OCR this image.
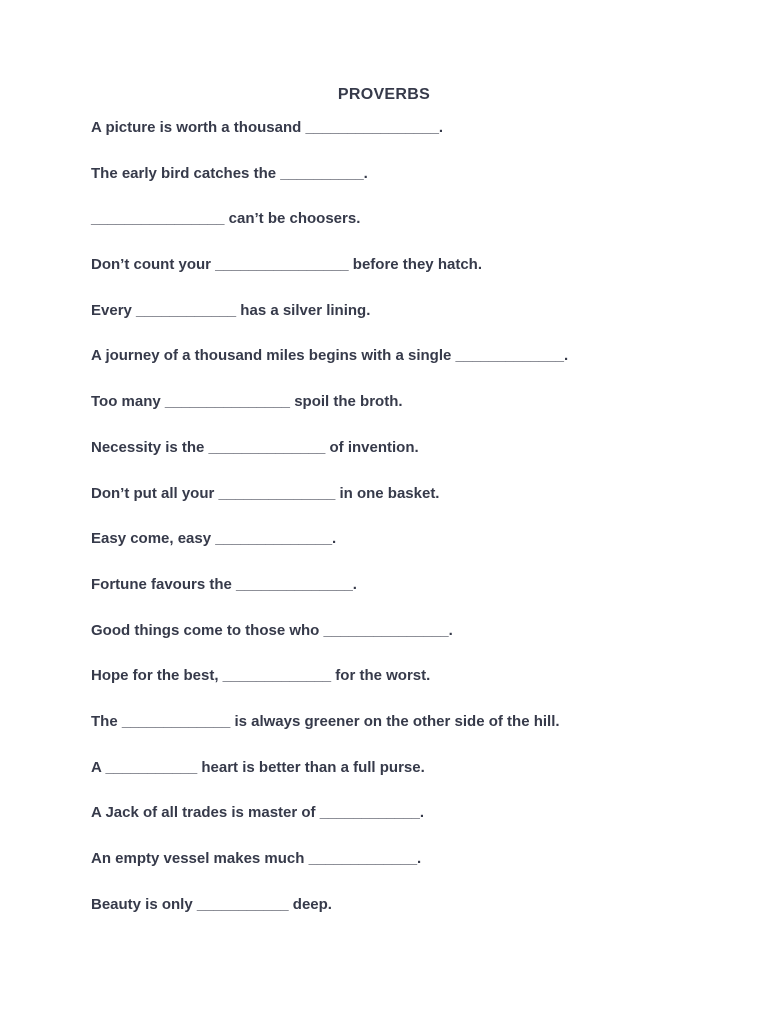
PROVERBS
A picture is worth a thousand ________________.
The early bird catches the __________.
________________ can’t be choosers.
Don’t count your ________________ before they hatch.
Every ____________ has a silver lining.
A journey of a thousand miles begins with a single _____________.
Too many _______________ spoil the broth.
Necessity is the ______________ of invention.
Don’t put all your ______________ in one basket.
Easy come, easy ______________.
Fortune favours the ______________.
Good things come to those who _______________.
Hope for the best, _____________ for the worst.
The _____________ is always greener on the other side of the hill.
A ___________ heart is better than a full purse.
A Jack of all trades is master of ____________.
An empty vessel makes much _____________.
Beauty is only ___________ deep.
